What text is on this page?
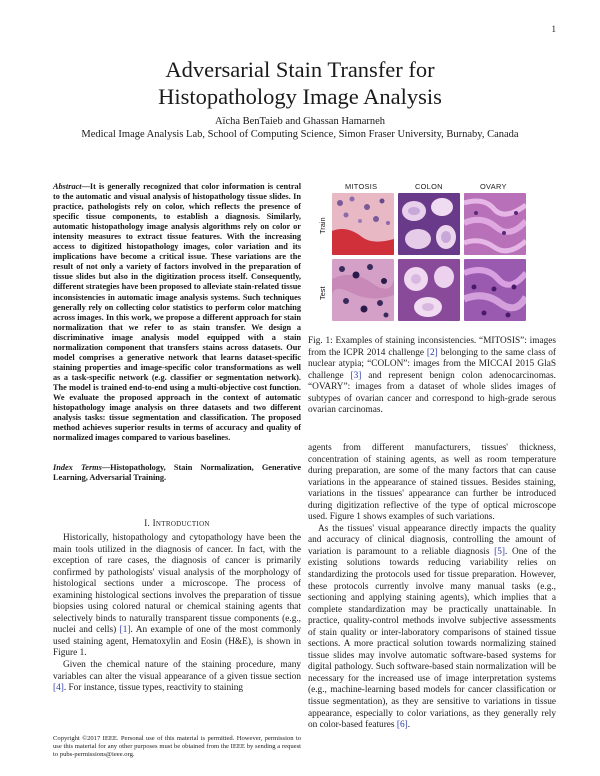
1
Adversarial Stain Transfer for
Histopathology Image Analysis
Aïcha BenTaieb and Ghassan Hamarneh
Medical Image Analysis Lab, School of Computing Science, Simon Fraser University, Burnaby, Canada
Abstract—It is generally recognized that color information is central to the automatic and visual analysis of histopathology tissue slides. In practice, pathologists rely on color, which reflects the presence of specific tissue components, to establish a diagnosis. Similarly, automatic histopathology image analysis algorithms rely on color or intensity measures to extract tissue features. With the increasing access to digitized histopathology images, color variation and its implications have become a critical issue. These variations are the result of not only a variety of factors involved in the preparation of tissue slides but also in the digitization process itself. Consequently, different strategies have been proposed to alleviate stain-related tissue inconsistencies in automatic image analysis systems. Such techniques generally rely on collecting color statistics to perform color matching across images. In this work, we propose a different approach for stain normalization that we refer to as stain transfer. We design a discriminative image analysis model equipped with a stain normalization component that transfers stains across datasets. Our model comprises a generative network that learns dataset-specific staining properties and image-specific color transformations as well as a task-specific network (e.g. classifier or segmentation network). The model is trained end-to-end using a multi-objective cost function. We evaluate the proposed approach in the context of automatic histopathology image analysis on three datasets and two different analysis tasks: tissue segmentation and classification. The proposed method achieves superior results in terms of accuracy and quality of normalized images compared to various baselines.
Index Terms—Histopathology, Stain Normalization, Generative Learning, Adversarial Training.
I. INTRODUCTION

Historically, histopathology and cytopathology have been the main tools utilized in the diagnosis of cancer. In fact, with the exception of rare cases, the diagnosis of cancer is primarily confirmed by pathologists' visual analysis of the morphology of histological sections under a microscope. The process of examining histological sections involves the preparation of tissue biopsies using colored natural or chemical staining agents that selectively binds to naturally transparent tissue components (e.g., nuclei and cells) [1]. An example of one of the most commonly used staining agent, Hematoxylin and Eosin (H&E), is shown in Figure 1.

Given the chemical nature of the staining procedure, many variables can alter the visual appearance of a given tissue section [4]. For instance, tissue types, reactivity to staining

Copyright ©2017 IEEE. Personal use of this material is permitted. However, permission to use this material for any other purposes must be obtained from the IEEE by sending a request to pubs-permissions@ieee.org.
MITOSIS	COLON	OVARY
Train
Test
Fig. 1: Examples of staining inconsistencies. “MITOSIS”: images from the ICPR 2014 challenge [2] belonging to the same class of nuclear atypia; “COLON”: images from the MICCAI 2015 GlaS challenge [3] and represent benign colon adenocarcinomas. “OVARY”: images from a dataset of whole slides images of subtypes of ovarian cancer and correspond to high-grade serous ovarian carcinomas.

agents from different manufacturers, tissues' thickness, concentration of staining agents, as well as room temperature during preparation, are some of the many factors that can cause variations in the appearance of stained tissues. Besides staining, variations in the tissues' appearance can further be introduced during digitization reflective of the type of optical microscope used. Figure 1 shows examples of such variations.

As the tissues' visual appearance directly impacts the quality and accuracy of clinical diagnosis, controlling the amount of variation is paramount to a reliable diagnosis [5]. One of the existing solutions towards reducing variability relies on standardizing the protocols used for tissue preparation. However, these protocols currently involve many manual tasks (e.g., sectioning and applying staining agents), which implies that a complete standardization may be practically unattainable. In practice, quality-control methods involve subjective assessments of stain quality or inter-laboratory comparisons of stained tissue sections. A more practical solution towards normalizing stained tissue slides may involve automatic software-based systems for digital pathology. Such software-based stain normalization will be necessary for the increased use of image interpretation systems (e.g., machine-learning based models for cancer classification or tissue segmentation), as they are sensitive to variations in tissue appearance, especially to color variations, as they generally rely on color-based features [6].
